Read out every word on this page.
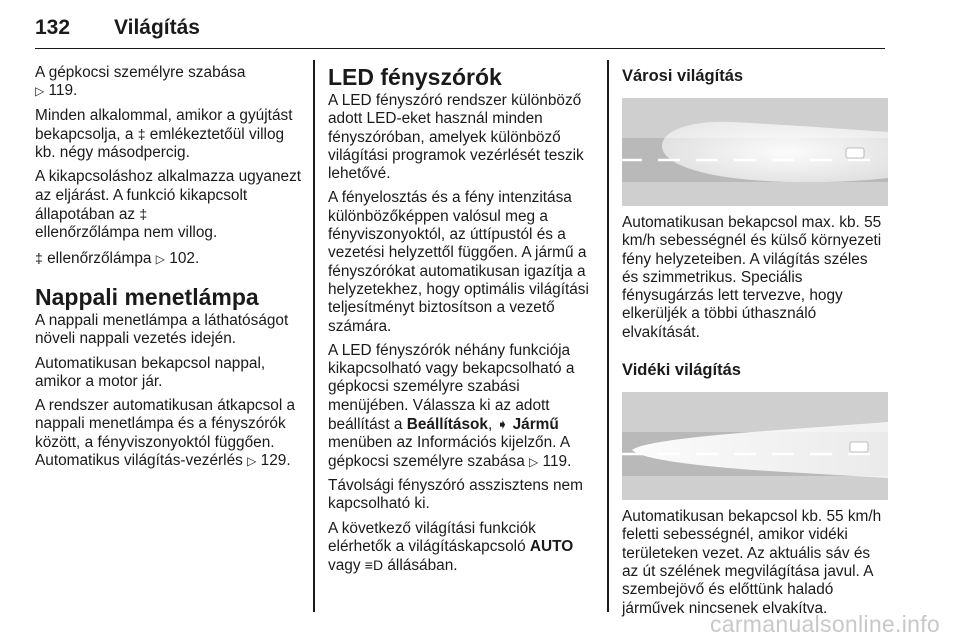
132 Világítás

A gépkocsi személyre szabása
▷ 119.

Minden alkalommal, amikor a gyújtást bekapcsolja, a ‡ emlékeztetőül villog kb. négy másodpercig.

A kikapcsoláshoz alkalmazza ugyanezt az eljárást. A funkció kikapcsolt állapotában az ‡
ellenőrzőlámpa nem villog.

‡ ellenőrzőlámpa ▷ 102.

Nappali menetlámpa

A nappali menetlámpa a láthatóságot növeli nappali vezetés idején.

Automatikusan bekapcsol nappal, amikor a motor jár.

A rendszer automatikusan átkapcsol a nappali menetlámpa és a fényszórók között, a fényviszonyoktól függően. Automatikus világítás-vezérlés ▷ 129.

LED fényszórók

A LED fényszóró rendszer különböző adott LED-eket használ minden fényszóróban, amelyek különböző világítási programok vezérlését teszik lehetővé.

A fényelosztás és a fény intenzitása különbözőképpen valósul meg a fényviszonyoktól, az úttípustól és a vezetési helyzettől függően. A jármű a fényszórókat automatikusan igazítja a helyzetekhez, hogy optimális világítási teljesítményt biztosítson a vezető számára.

A LED fényszórók néhány funkciója kikapcsolható vagy bekapcsolható a gépkocsi személyre szabási menüjében. Válassza ki az adott beállítást a Beállítások, ➧ Jármű menüben az Információs kijelzőn. A gépkocsi személyre szabása ▷ 119.

Távolsági fényszóró asszisztens nem kapcsolható ki.

A következő világítási funkciók elérhetők a világításkapcsoló AUTO
vagy ≡D állásában.

Városi világítás

Automatikusan bekapcsol max. kb. 55 km/h sebességnél és külső környezeti fény helyzeteiben. A világítás széles és szimmetrikus. Speciális fénysugárzás lett tervezve, hogy elkerüljék a többi úthasználó elvakítását.

Vidéki világítás

Automatikusan bekapcsol kb. 55 km/h feletti sebességnél, amikor vidéki területeken vezet. Az aktuális sáv és az út szélének megvilágítása javul. A szembejövő és előttünk haladó járművek nincsenek elvakítva.

carmanualsonline.info
